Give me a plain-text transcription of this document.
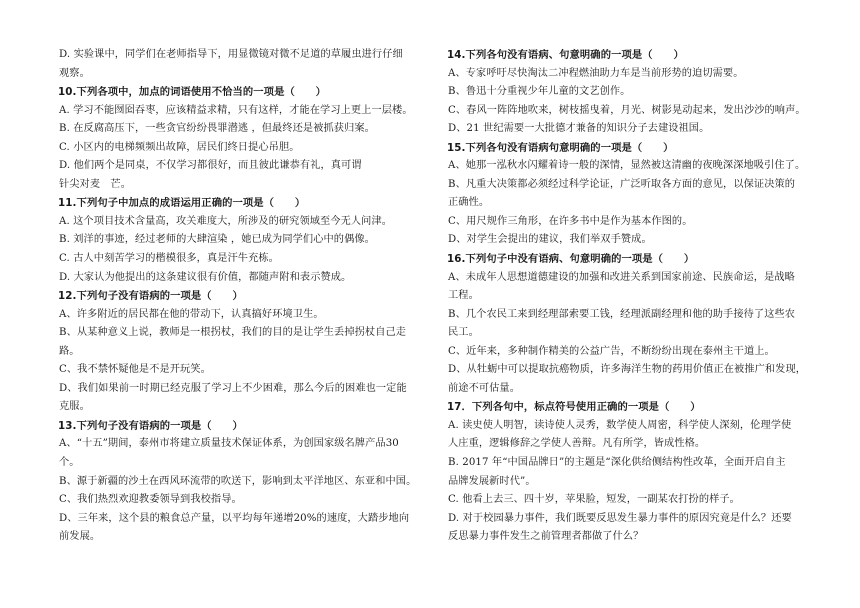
D. 实验课中，同学们在老师指导下，用显微镜对微不足道的草履虫进行仔细
观察。
10.下列各项中，加点的词语使用不恰当的一项是（　　）
A. 学习不能囫囵吞枣，应该精益求精，只有这样，才能在学习上更上一层楼。
B. 在反腐高压下，一些贪官纷纷畏罪潜逃 ，但最终还是被抓获归案。
C. 小区内的电梯频频出故障，居民们终日提心吊胆。
D. 他们两个是同桌，不仅学习都很好，而且彼此谦恭有礼，真可谓
针尖对麦　芒。
11.下列句子中加点的成语运用正确的一项是（　　）
A. 这个项目技术含量高，攻关难度大，所涉及的研究领域至今无人问津。
B. 刘洋的事迹，经过老师的大肆渲染 ，她已成为同学们心中的偶像。
C. 古人中刻苦学习的楷模很多，真是汗牛充栋。
D. 大家认为他提出的这条建议很有价值，都随声附和表示赞成。
12.下列句子没有语病的一项是（　　）
A、许多附近的居民都在他的带动下，认真搞好环境卫生。
B、从某种意义上说，教师是一根拐杖，我们的目的是让学生丢掉拐杖自己走
路。
C、我不禁怀疑他是不是开玩笑。
D、我们如果前一时期已经克服了学习上不少困难，那么今后的困难也一定能
克服。
13.下列句子没有语病的一项是（　　）
A、“十五”期间，泰州市将建立质量技术保证体系，为创国家级名牌产品30
个。
B、源于新疆的沙土在西风环流带的吹送下，影响到太平洋地区、东亚和中国。
C、我们热烈欢迎教委领导到我校指导。
D、三年来，这个县的粮食总产量，以平均每年递增20%的速度，大踏步地向
前发展。
14.下列各句没有语病、句意明确的一项是（　　）
A、专家呼吁尽快淘汰二冲程燃油助力车是当前形势的迫切需要。
B、鲁迅十分重视少年儿童的文艺创作。
C、春风一阵阵地吹来，树枝摇曳着，月光、树影晃动起来，发出沙沙的响声。
D、21 世纪需要一大批德才兼备的知识分子去建设祖国。
15.下列各句没有语病句意明确的一项是（　　）
A、她那一泓秋水闪耀着诗一般的深情，显然被这清幽的夜晚深深地吸引住了。
B、凡重大决策都必须经过科学论证，广泛听取各方面的意见，以保证决策的
正确性。
C、用尺规作三角形，在许多书中是作为基本作图的。
D、对学生会提出的建议，我们举双手赞成。
16.下列句子中没有语病、句意明确的一项是（　　）
A、未成年人思想道德建设的加强和改进关系到国家前途、民族命运，是战略
工程。
B、几个农民工来到经理部索要工钱，经理派副经理和他的助手接待了这些农
民工。
C、近年来，多种制作精美的公益广告，不断纷纷出现在泰州主干道上。
D、从牡蛎中可以提取抗癌物质，许多海洋生物的药用价值正在被推广和发现，
前途不可估量。
17．下列各句中，标点符号使用正确的一项是（　　）
A. 读史使人明智，读诗使人灵秀，数学使人周密，科学使人深刻，伦理学使
人庄重，逻辑修辞之学使人善辩。凡有所学，皆成性格。
B. 2017 年“中国品牌日”的主题是“深化供给侧结构性改革，全面开启自主
品牌发展新时代”。
C. 他看上去三、四十岁，苹果脸，短发，一副某农打扮的样子。
D. 对于校园暴力事件，我们既要反思发生暴力事件的原因究竟是什么？还要
反思暴力事件发生之前管理者都做了什么？
